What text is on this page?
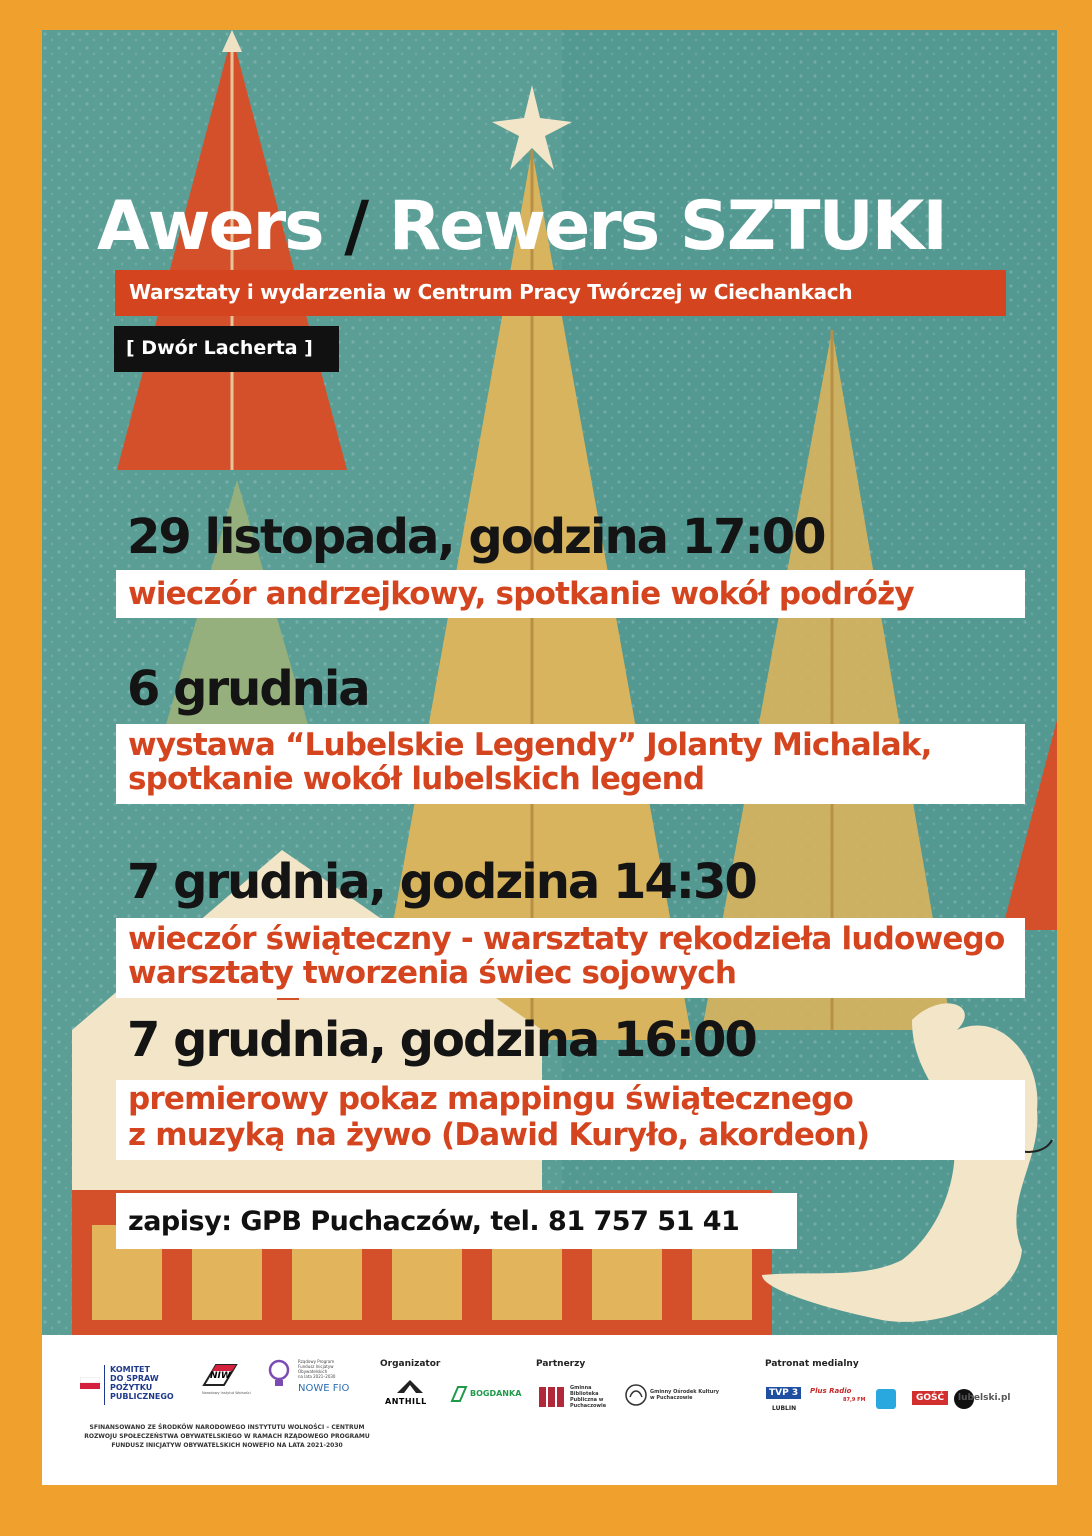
Awers / Rewers SZTUKI
Warsztaty i wydarzenia w Centrum Pracy Twórczej w Ciechankach
[ Dwór Lacherta ]
29 listopada, godzina 17:00
wieczór andrzejkowy, spotkanie wokół podróży
6 grudnia
wystawa “Lubelskie Legendy” Jolanty Michalak,
spotkanie wokół lubelskich legend
7 grudnia, godzina 14:30
wieczór świąteczny - warsztaty rękodzieła ludowego
warsztaty tworzenia świec sojowych
7 grudnia, godzina 16:00
premierowy pokaz mappingu świątecznego
z muzyką na żywo (Dawid Kuryło, akordeon)
zapisy: GPB Puchaczów, tel. 81 757 51 41
KOMITET
DO SPRAW
POŻYTKU
PUBLICZNEGO
NIW
Narodowy Instytut Wolności
Rządowy Program
Fundusz Inicjatyw
Obywatelskich
na lata 2021–2030
NOWE FIO
Organizator
ANTHILL
BOGDANKA
Partnerzy
Gminna Biblioteka Publiczna w Puchaczowie
Gminny Ośrodek Kultury w Puchaczowie
Patronat medialny
TVP 3
LUBLIN
Plus Radio
87,9 FM	GOŚĆ	lubelski.pl
SFINANSOWANO ZE ŚRODKÓW NARODOWEGO INSTYTUTU WOLNOŚCI – CENTRUM ROZWOJU SPOŁECZEŃSTWA OBYWATELSKIEGO W RAMACH RZĄDOWEGO PROGRAMU FUNDUSZ INICJATYW OBYWATELSKICH NOWEFIO NA LATA 2021-2030
